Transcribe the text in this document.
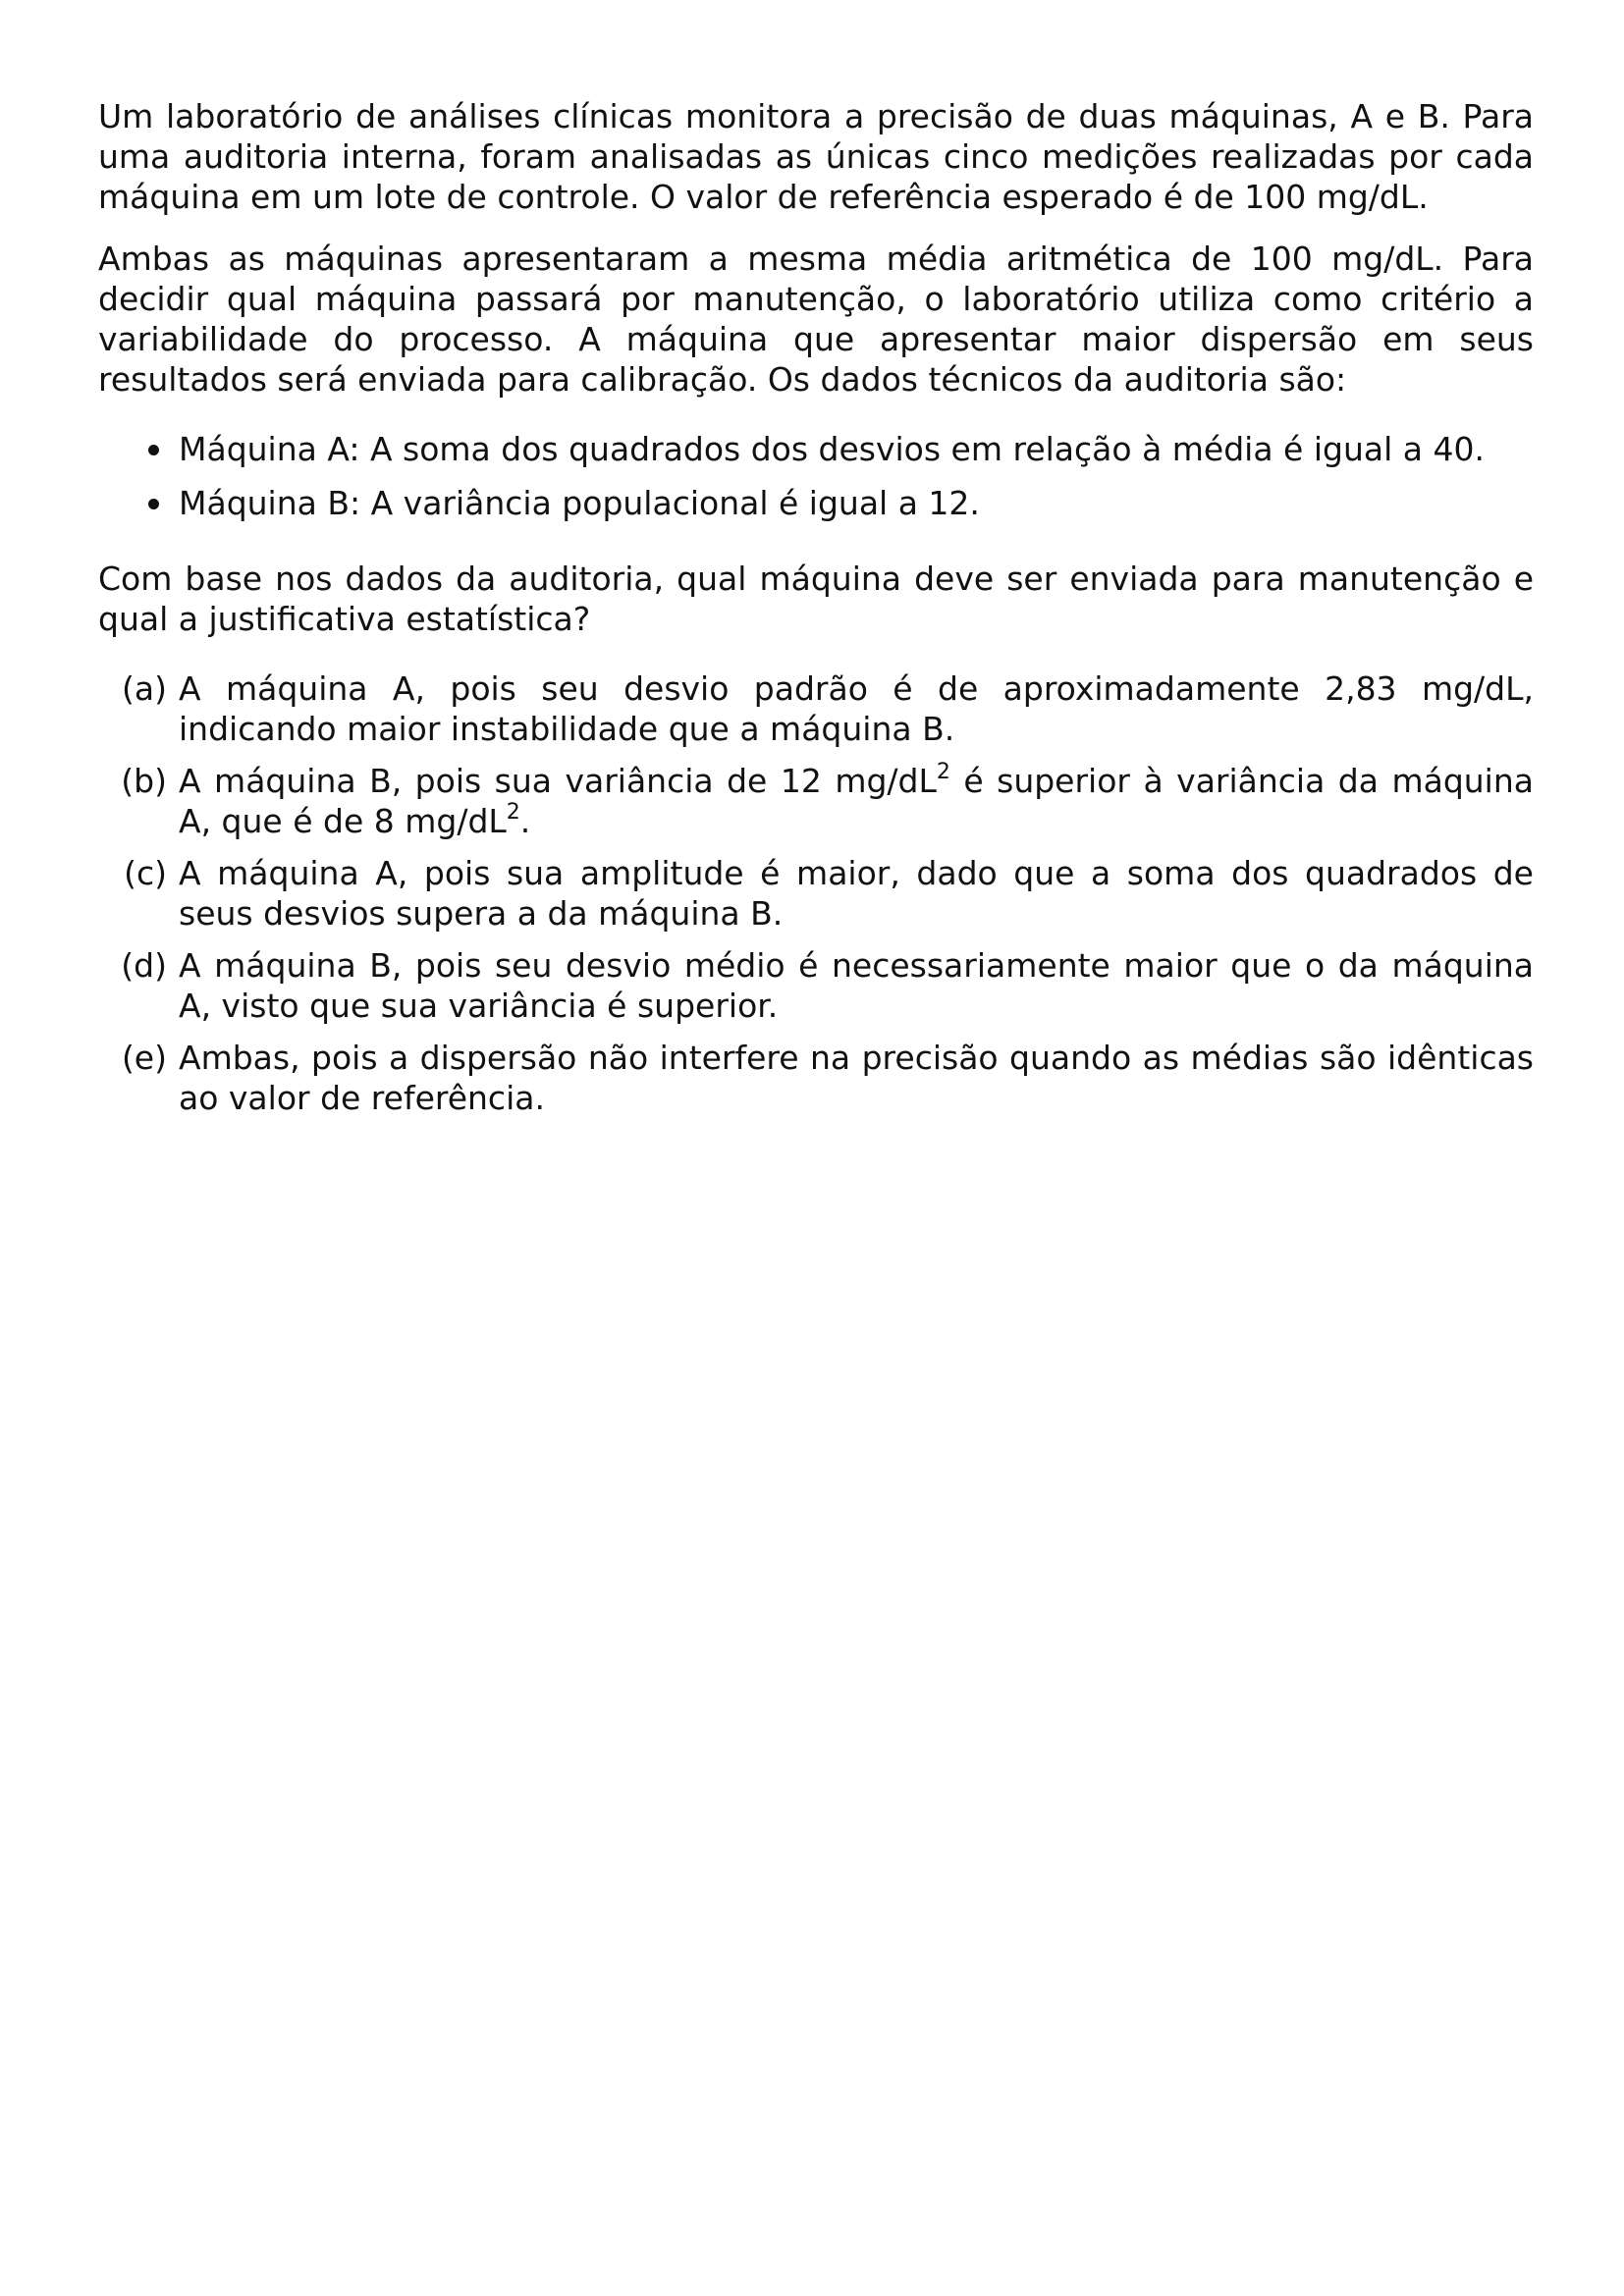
Um laboratório de análises clínicas monitora a precisão de duas máquinas, A e B. Para uma auditoria interna, foram analisadas as únicas cinco medições realizadas por cada máquina em um lote de controle. O valor de referência esperado é de 100 mg/dL.

Ambas as máquinas apresentaram a mesma média aritmética de 100 mg/dL. Para decidir qual máquina passará por manutenção, o laboratório utiliza como critério a variabilidade do processo. A máquina que apresentar maior dispersão em seus resultados será enviada para calibração. Os dados técnicos da auditoria são:

Máquina A: A soma dos quadrados dos desvios em relação à média é igual a 40.
Máquina B: A variância populacional é igual a 12.

Com base nos dados da auditoria, qual máquina deve ser enviada para manutenção e qual a justificativa estatística?

(a) A máquina A, pois seu desvio padrão é de aproximadamente 2,83 mg/dL, indicando maior instabilidade que a máquina B.
(b) A máquina B, pois sua variância de 12 $mg/dL^2$ é superior à variância da máquina A, que é de 8 $mg/dL^2$.
(c) A máquina A, pois sua amplitude é maior, dado que a soma dos quadrados de seus desvios supera a da máquina B.
(d) A máquina B, pois seu desvio médio é necessariamente maior que o da máquina A, visto que sua variância é superior.
(e) Ambas, pois a dispersão não interfere na precisão quando as médias são idênticas ao valor de referência.
